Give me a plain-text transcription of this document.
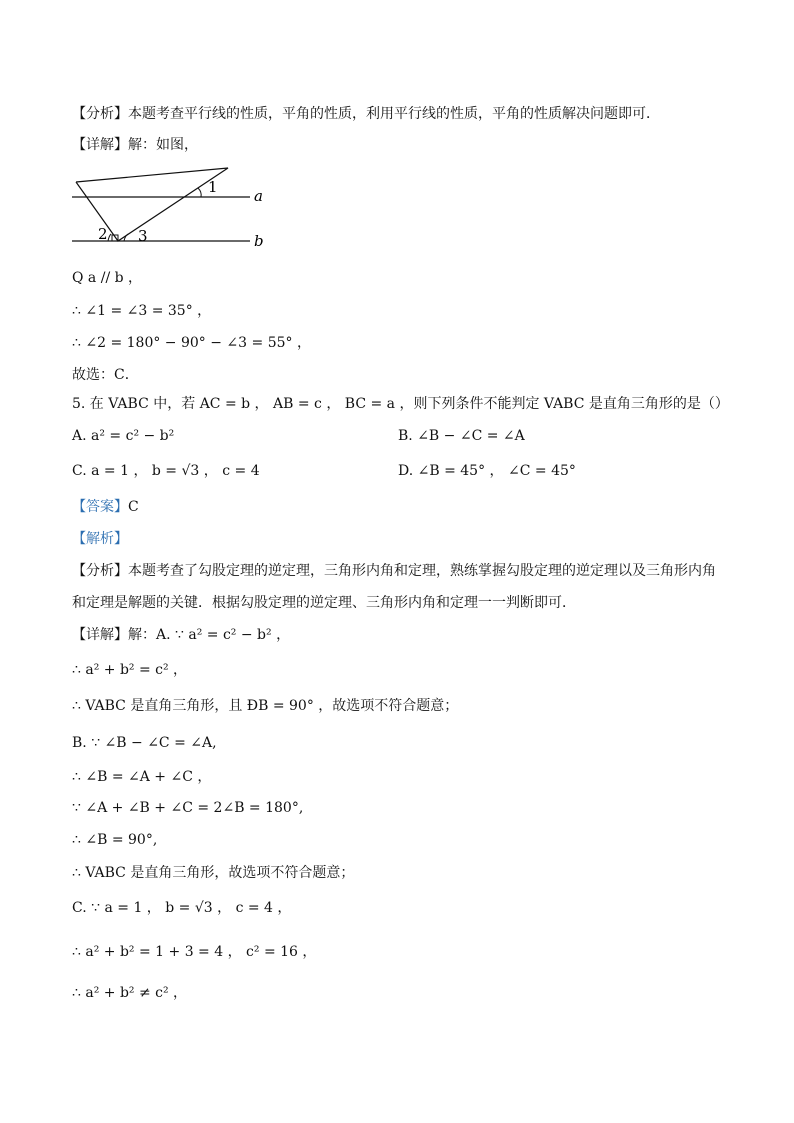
【分析】本题考查平行线的性质，平角的性质，利用平行线的性质，平角的性质解决问题即可．
【详解】解：如图，
1
2 3
a
b
Q a // b ，
∴ ∠1 = ∠3 = 35° ，
∴ ∠2 = 180° − 90° − ∠3 = 55° ，
故选：C．
5. 在 VABC 中，若 AC = b ， AB = c ， BC = a ，则下列条件不能判定 VABC 是直角三角形的是（）
A. a² = c² − b²	B. ∠B − ∠C = ∠A
C. a = 1 ， b = √3 ， c = 4	D. ∠B = 45° ， ∠C = 45°
【答案】C
【解析】
【分析】本题考查了勾股定理的逆定理，三角形内角和定理，熟练掌握勾股定理的逆定理以及三角形内角
和定理是解题的关键．根据勾股定理的逆定理、三角形内角和定理一一判断即可．
【详解】解：A. ∵ a² = c² − b² ，
∴ a² + b² = c² ，
∴ VABC 是直角三角形，且 ÐB = 90° ，故选项不符合题意；
B. ∵ ∠B − ∠C = ∠A,
∴ ∠B = ∠A + ∠C ，
∵ ∠A + ∠B + ∠C = 2∠B = 180°,
∴ ∠B = 90°,
∴ VABC 是直角三角形，故选项不符合题意；
C. ∵ a = 1 ， b = √3 ， c = 4 ，
∴ a² + b² = 1 + 3 = 4 ， c² = 16 ，
∴ a² + b² ≠ c² ，
